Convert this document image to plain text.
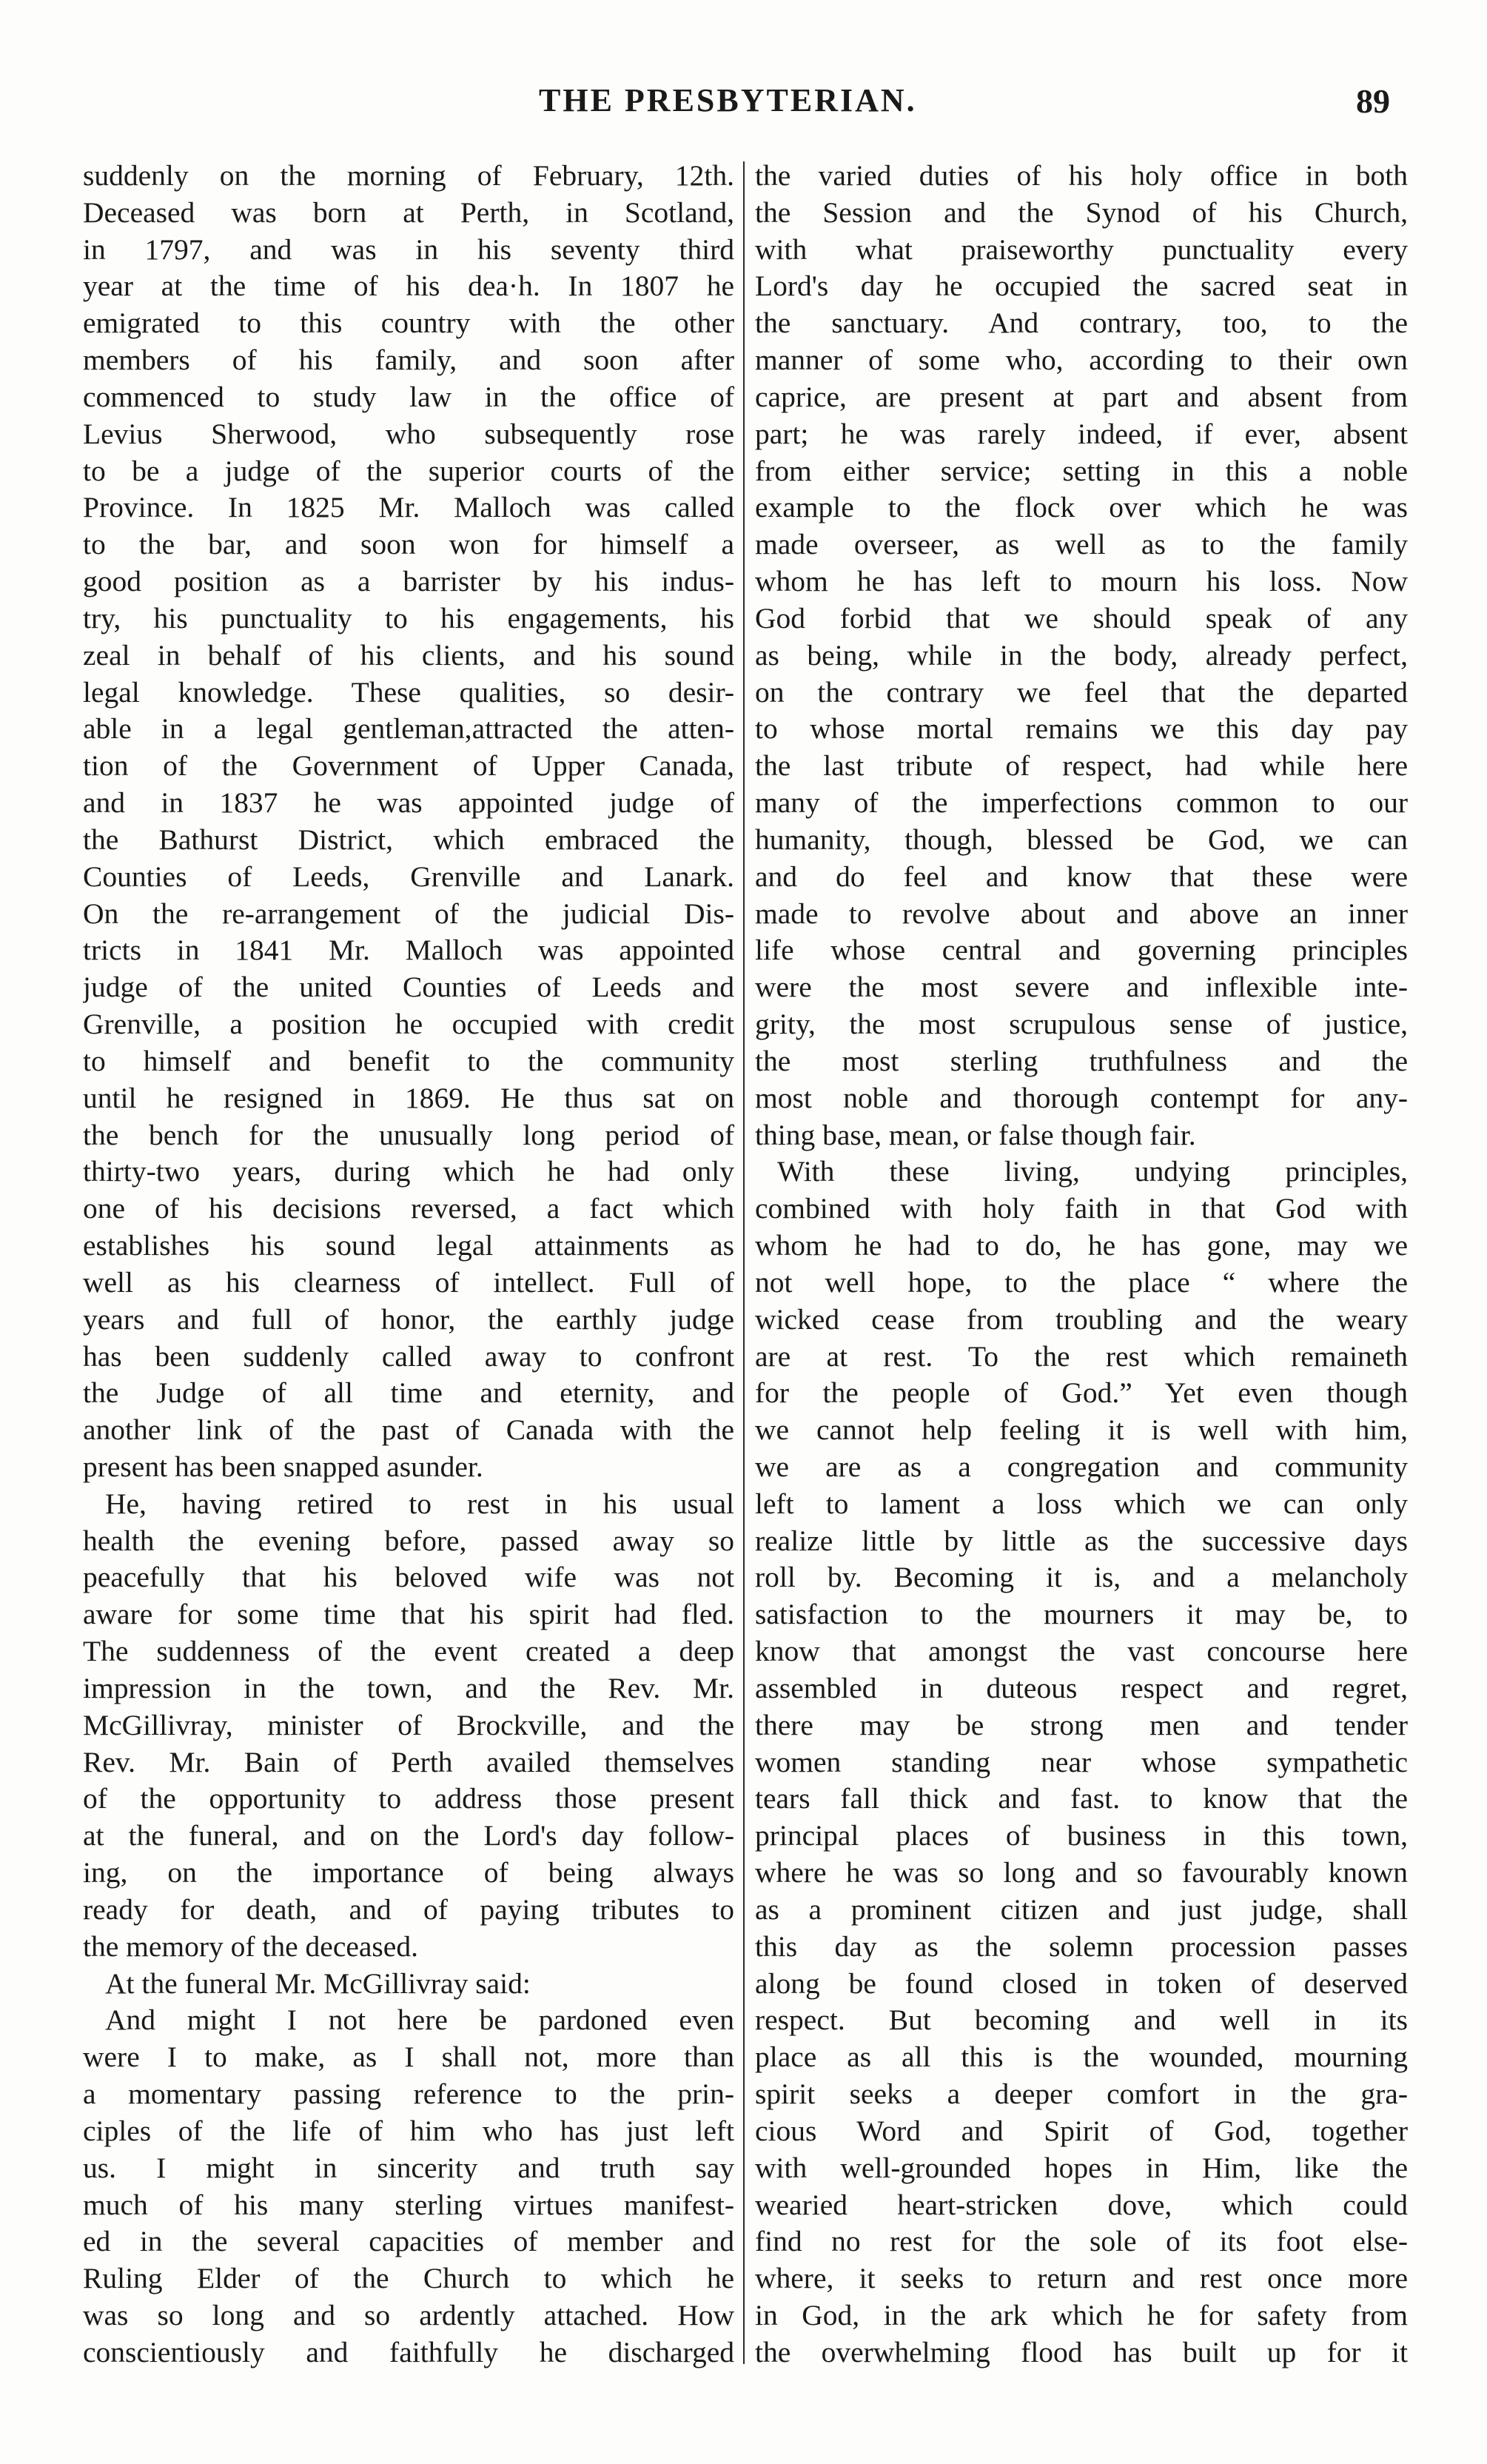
THE PRESBYTERIAN.	89
suddenly on the morning of February, 12th.
Deceased was born at Perth, in Scotland,
in 1797, and was in his seventy third
year at the time of his dea·h. In 1807 he
emigrated to this country with the other
members of his family, and soon after
commenced to study law in the office of
Levius Sherwood, who subsequently rose
to be a judge of the superior courts of the
Province. In 1825 Mr. Malloch was called
to the bar, and soon won for himself a
good position as a barrister by his indus-
try, his punctuality to his engagements, his
zeal in behalf of his clients, and his sound
legal knowledge. These qualities, so desir-
able in a legal gentleman,attracted the atten-
tion of the Government of Upper Canada,
and in 1837 he was appointed judge of
the Bathurst District, which embraced the
Counties of Leeds, Grenville and Lanark.
On the re-arrangement of the judicial Dis-
tricts in 1841 Mr. Malloch was appointed
judge of the united Counties of Leeds and
Grenville, a position he occupied with credit
to himself and benefit to the community
until he resigned in 1869. He thus sat on
the bench for the unusually long period of
thirty-two years, during which he had only
one of his decisions reversed, a fact which
establishes his sound legal attainments as
well as his clearness of intellect. Full of
years and full of honor, the earthly judge
has been suddenly called away to confront
the Judge of all time and eternity, and
another link of the past of Canada with the
present has been snapped asunder.
He, having retired to rest in his usual
health the evening before, passed away so
peacefully that his beloved wife was not
aware for some time that his spirit had fled.
The suddenness of the event created a deep
impression in the town, and the Rev. Mr.
McGillivray, minister of Brockville, and the
Rev. Mr. Bain of Perth availed themselves
of the opportunity to address those present
at the funeral, and on the Lord's day follow-
ing, on the importance of being always
ready for death, and of paying tributes to
the memory of the deceased.
At the funeral Mr. McGillivray said:
And might I not here be pardoned even
were I to make, as I shall not, more than
a momentary passing reference to the prin-
ciples of the life of him who has just left
us. I might in sincerity and truth say
much of his many sterling virtues manifest-
ed in the several capacities of member and
Ruling Elder of the Church to which he
was so long and so ardently attached. How
conscientiously and faithfully he discharged
the varied duties of his holy office in both
the Session and the Synod of his Church,
with what praiseworthy punctuality every
Lord's day he occupied the sacred seat in
the sanctuary. And contrary, too, to the
manner of some who, according to their own
caprice, are present at part and absent from
part; he was rarely indeed, if ever, absent
from either service; setting in this a noble
example to the flock over which he was
made overseer, as well as to the family
whom he has left to mourn his loss. Now
God forbid that we should speak of any
as being, while in the body, already perfect,
on the contrary we feel that the departed
to whose mortal remains we this day pay
the last tribute of respect, had while here
many of the imperfections common to our
humanity, though, blessed be God, we can
and do feel and know that these were
made to revolve about and above an inner
life whose central and governing principles
were the most severe and inflexible inte-
grity, the most scrupulous sense of justice,
the most sterling truthfulness and the
most noble and thorough contempt for any-
thing base, mean, or false though fair.
With these living, undying principles,
combined with holy faith in that God with
whom he had to do, he has gone, may we
not well hope, to the place “ where the
wicked cease from troubling and the weary
are at rest. To the rest which remaineth
for the people of God.” Yet even though
we cannot help feeling it is well with him,
we are as a congregation and community
left to lament a loss which we can only
realize little by little as the successive days
roll by. Becoming it is, and a melancholy
satisfaction to the mourners it may be, to
know that amongst the vast concourse here
assembled in duteous respect and regret,
there may be strong men and tender
women standing near whose sympathetic
tears fall thick and fast. to know that the
principal places of business in this town,
where he was so long and so favourably known
as a prominent citizen and just judge, shall
this day as the solemn procession passes
along be found closed in token of deserved
respect. But becoming and well in its
place as all this is the wounded, mourning
spirit seeks a deeper comfort in the gra-
cious Word and Spirit of God, together
with well-grounded hopes in Him, like the
wearied heart-stricken dove, which could
find no rest for the sole of its foot else-
where, it seeks to return and rest once more
in God, in the ark which he for safety from
the overwhelming flood has built up for it
